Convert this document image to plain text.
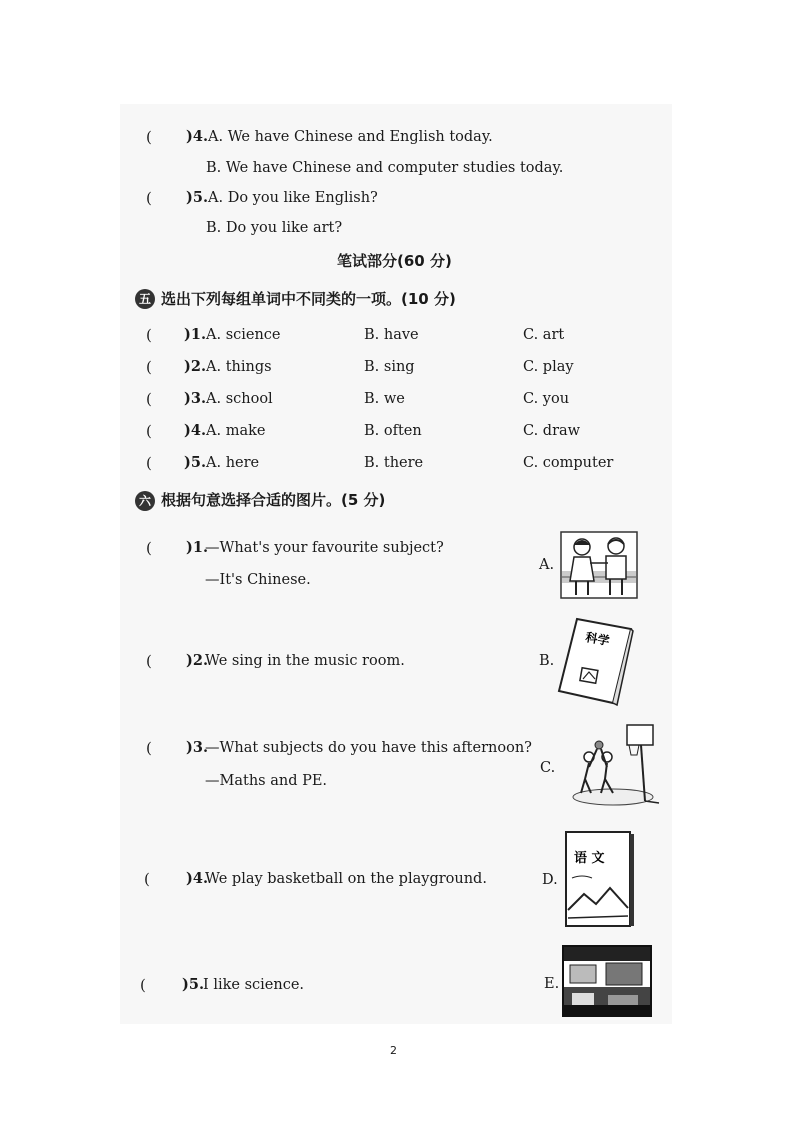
( )4. A. We have Chinese and English today.
B. We have Chinese and computer studies today.
( )5. A. Do you like English?
B. Do you like art?
笔试部分(60 分)
五 选出下列每组单词中不同类的一项。(10 分)
( )1. A. science	B. have	C. art
( )2. A. things	B. sing	C. play
( )3. A. school	B. we	C. you
( )4. A. make	B. often	C. draw
( )5. A. here	B. there	C. computer
六 根据句意选择合适的图片。(5 分)
( )1.
—What's your favourite subject?
—It's Chinese.
( )2.
We sing in the music room.
( )3.
—What subjects do you have this afternoon?
—Maths and PE.
( )4.
We play basketball on the playground.
( )5. I like science.
A.
B.
C.
D.
E.
科学
语 文
2
